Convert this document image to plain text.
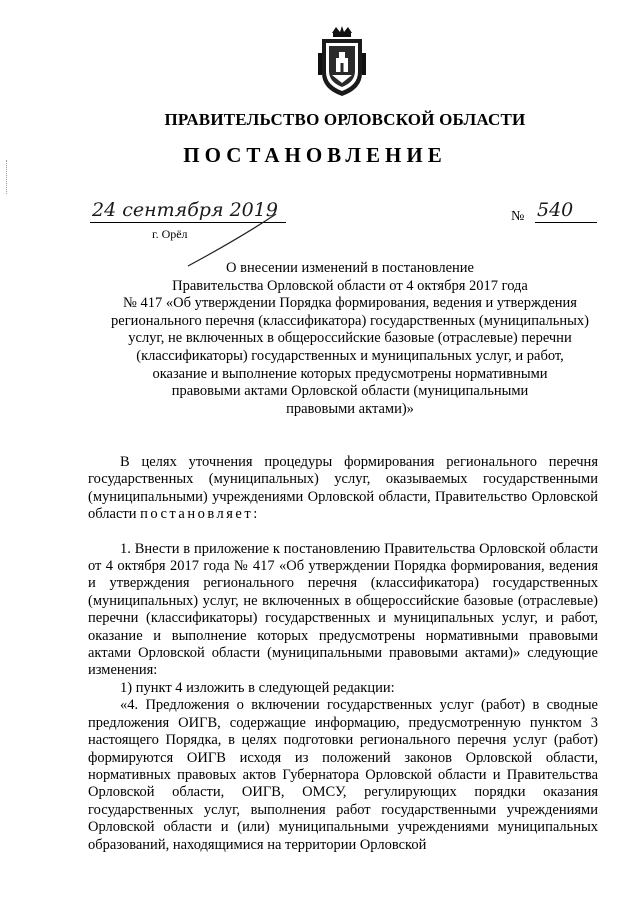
ПРАВИТЕЛЬСТВО ОРЛОВСКОЙ ОБЛАСТИ
ПОСТАНОВЛЕНИЕ
24 сентября 2019	№ 540
г. Орёл
О внесении изменений в постановление
Правительства Орловской области от 4 октября 2017 года
№ 417 «Об утверждении Порядка формирования, ведения и утверждения
регионального перечня (классификатора) государственных (муниципальных)
услуг, не включенных в общероссийские базовые (отраслевые) перечни
(классификаторы) государственных и муниципальных услуг, и работ,
оказание и выполнение которых предусмотрены нормативными
правовыми актами Орловской области (муниципальными
правовыми актами)»

В целях уточнения процедуры формирования регионального перечня государственных (муниципальных) услуг, оказываемых государственными (муниципальными) учреждениями Орловской области, Правительство Орловской области постановляет:

1. Внести в приложение к постановлению Правительства Орловской области от 4 октября 2017 года № 417 «Об утверждении Порядка формирования, ведения и утверждения регионального перечня (классификатора) государственных (муниципальных) услуг, не включенных в общероссийские базовые (отраслевые) перечни (классификаторы) государственных и муниципальных услуг, и работ, оказание и выполнение которых предусмотрены нормативными правовыми актами Орловской области (муниципальными правовыми актами)» следующие изменения:

1) пункт 4 изложить в следующей редакции:

«4. Предложения о включении государственных услуг (работ) в сводные предложения ОИГВ, содержащие информацию, предусмотренную пунктом 3 настоящего Порядка, в целях подготовки регионального перечня услуг (работ) формируются ОИГВ исходя из положений законов Орловской области, нормативных правовых актов Губернатора Орловской области и Правительства Орловской области, ОИГВ, ОМСУ, регулирующих порядки оказания государственных услуг, выполнения работ государственными учреждениями Орловской области и (или) муниципальными учреждениями муниципальных образований, находящимися на территории Орловской
